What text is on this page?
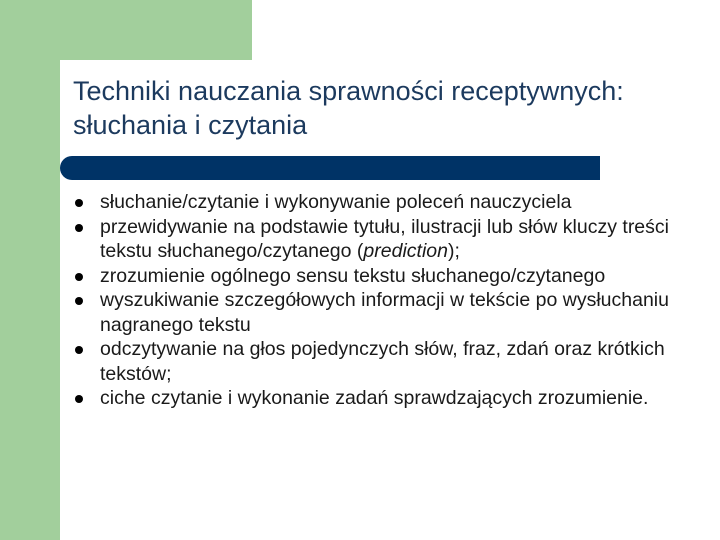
Techniki nauczania sprawności receptywnych: słuchania i czytania
słuchanie/czytanie i wykonywanie poleceń nauczyciela
przewidywanie na podstawie tytułu, ilustracji lub słów kluczy treści tekstu słuchanego/czytanego (prediction);
zrozumienie ogólnego sensu tekstu słuchanego/czytanego
wyszukiwanie szczegółowych informacji w tekście po wysłuchaniu nagranego tekstu
odczytywanie na głos pojedynczych słów, fraz, zdań oraz krótkich tekstów;
ciche czytanie i wykonanie zadań sprawdzających zrozumienie.
